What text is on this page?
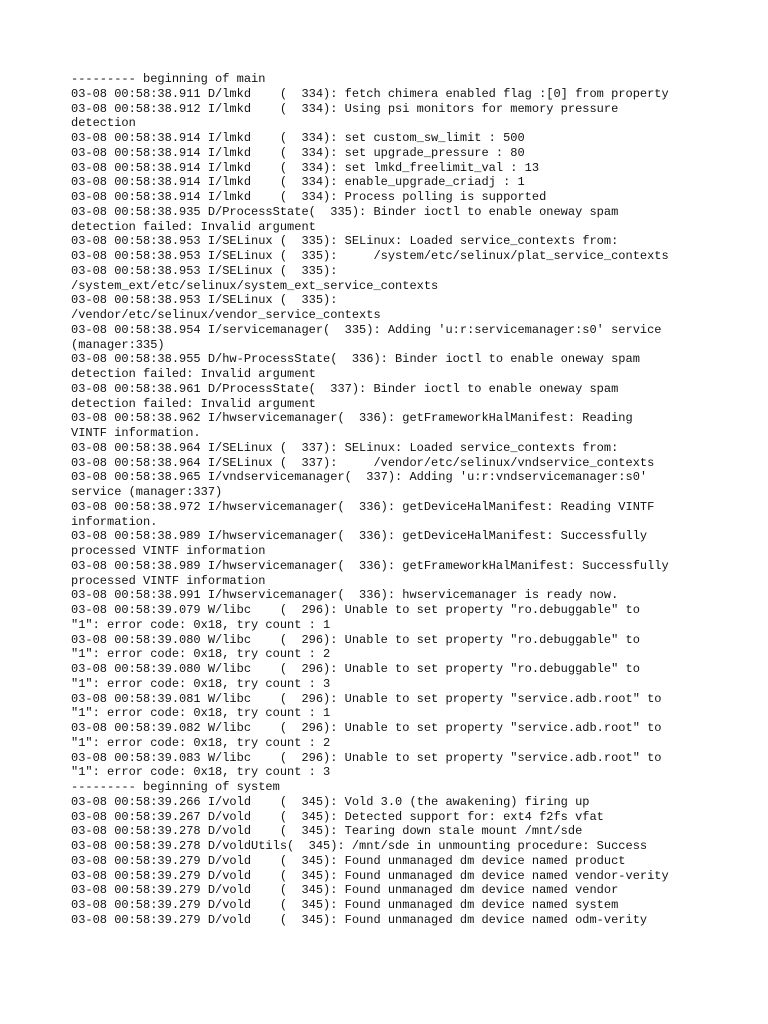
--------- beginning of main
03-08 00:58:38.911 D/lmkd    (  334): fetch chimera enabled flag :[0] from property
03-08 00:58:38.912 I/lmkd    (  334): Using psi monitors for memory pressure
detection
03-08 00:58:38.914 I/lmkd    (  334): set custom_sw_limit : 500
03-08 00:58:38.914 I/lmkd    (  334): set upgrade_pressure : 80
03-08 00:58:38.914 I/lmkd    (  334): set lmkd_freelimit_val : 13
03-08 00:58:38.914 I/lmkd    (  334): enable_upgrade_criadj : 1
03-08 00:58:38.914 I/lmkd    (  334): Process polling is supported
03-08 00:58:38.935 D/ProcessState(  335): Binder ioctl to enable oneway spam
detection failed: Invalid argument
03-08 00:58:38.953 I/SELinux (  335): SELinux: Loaded service_contexts from:
03-08 00:58:38.953 I/SELinux (  335):     /system/etc/selinux/plat_service_contexts
03-08 00:58:38.953 I/SELinux (  335):
/system_ext/etc/selinux/system_ext_service_contexts
03-08 00:58:38.953 I/SELinux (  335):
/vendor/etc/selinux/vendor_service_contexts
03-08 00:58:38.954 I/servicemanager(  335): Adding 'u:r:servicemanager:s0' service
(manager:335)
03-08 00:58:38.955 D/hw-ProcessState(  336): Binder ioctl to enable oneway spam
detection failed: Invalid argument
03-08 00:58:38.961 D/ProcessState(  337): Binder ioctl to enable oneway spam
detection failed: Invalid argument
03-08 00:58:38.962 I/hwservicemanager(  336): getFrameworkHalManifest: Reading
VINTF information.
03-08 00:58:38.964 I/SELinux (  337): SELinux: Loaded service_contexts from:
03-08 00:58:38.964 I/SELinux (  337):     /vendor/etc/selinux/vndservice_contexts
03-08 00:58:38.965 I/vndservicemanager(  337): Adding 'u:r:vndservicemanager:s0'
service (manager:337)
03-08 00:58:38.972 I/hwservicemanager(  336): getDeviceHalManifest: Reading VINTF
information.
03-08 00:58:38.989 I/hwservicemanager(  336): getDeviceHalManifest: Successfully
processed VINTF information
03-08 00:58:38.989 I/hwservicemanager(  336): getFrameworkHalManifest: Successfully
processed VINTF information
03-08 00:58:38.991 I/hwservicemanager(  336): hwservicemanager is ready now.
03-08 00:58:39.079 W/libc    (  296): Unable to set property "ro.debuggable" to
"1": error code: 0x18, try count : 1
03-08 00:58:39.080 W/libc    (  296): Unable to set property "ro.debuggable" to
"1": error code: 0x18, try count : 2
03-08 00:58:39.080 W/libc    (  296): Unable to set property "ro.debuggable" to
"1": error code: 0x18, try count : 3
03-08 00:58:39.081 W/libc    (  296): Unable to set property "service.adb.root" to
"1": error code: 0x18, try count : 1
03-08 00:58:39.082 W/libc    (  296): Unable to set property "service.adb.root" to
"1": error code: 0x18, try count : 2
03-08 00:58:39.083 W/libc    (  296): Unable to set property "service.adb.root" to
"1": error code: 0x18, try count : 3
--------- beginning of system
03-08 00:58:39.266 I/vold    (  345): Vold 3.0 (the awakening) firing up
03-08 00:58:39.267 D/vold    (  345): Detected support for: ext4 f2fs vfat
03-08 00:58:39.278 D/vold    (  345): Tearing down stale mount /mnt/sde
03-08 00:58:39.278 D/voldUtils(  345): /mnt/sde in unmounting procedure: Success
03-08 00:58:39.279 D/vold    (  345): Found unmanaged dm device named product
03-08 00:58:39.279 D/vold    (  345): Found unmanaged dm device named vendor-verity
03-08 00:58:39.279 D/vold    (  345): Found unmanaged dm device named vendor
03-08 00:58:39.279 D/vold    (  345): Found unmanaged dm device named system
03-08 00:58:39.279 D/vold    (  345): Found unmanaged dm device named odm-verity
